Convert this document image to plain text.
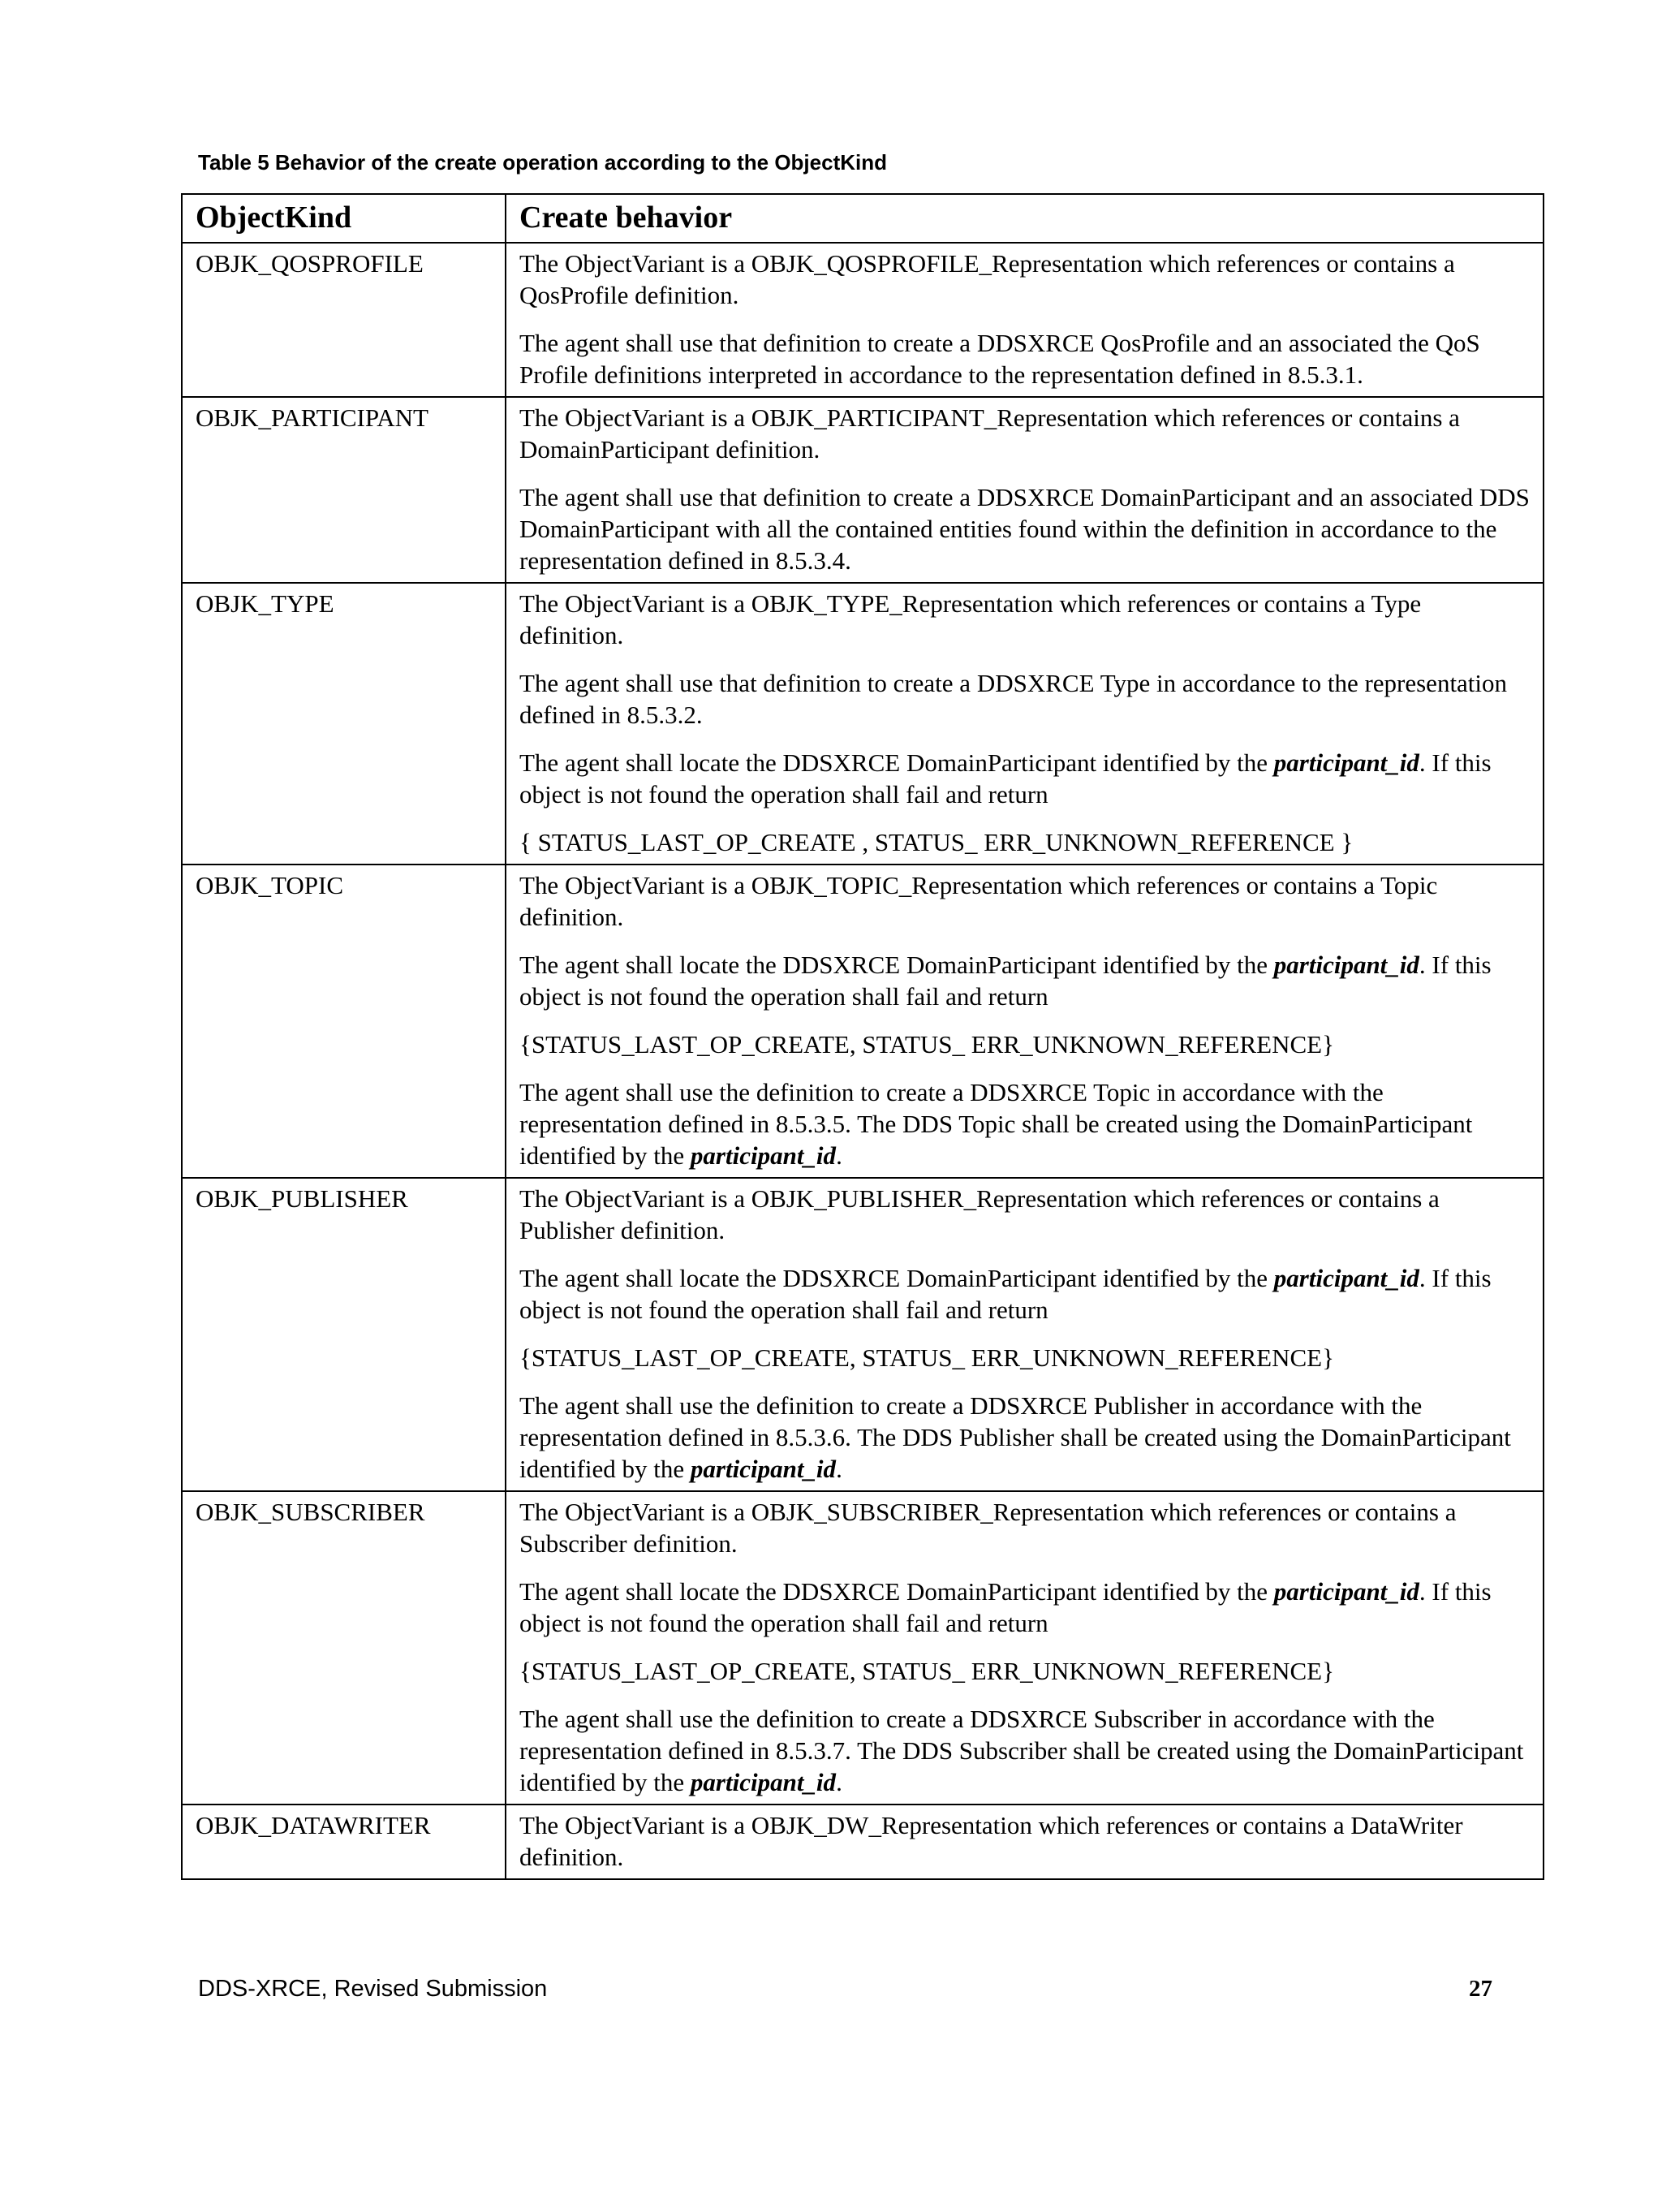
Table 5 Behavior of the create operation according to the ObjectKind
ObjectKind	Create behavior
OBJK_QOSPROFILE	The ObjectVariant is a OBJK_QOSPROFILE_Representation which references or contains a QosProfile definition.

The agent shall use that definition to create a DDSXRCE QosProfile and an associated the QoS Profile definitions interpreted in accordance to the representation defined in 8.5.3.1.

OBJK_PARTICIPANT	The ObjectVariant is a OBJK_PARTICIPANT_Representation which references or contains a DomainParticipant definition.

The agent shall use that definition to create a DDSXRCE DomainParticipant and an associated DDS DomainParticipant with all the contained entities found within the definition in accordance to the representation defined in 8.5.3.4.

OBJK_TYPE	The ObjectVariant is a OBJK_TYPE_Representation which references or contains a Type definition.

The agent shall use that definition to create a DDSXRCE Type in accordance to the representation defined in 8.5.3.2.

The agent shall locate the DDSXRCE DomainParticipant identified by the participant_id. If this object is not found the operation shall fail and return

{ STATUS_LAST_OP_CREATE , STATUS_ ERR_UNKNOWN_REFERENCE }

OBJK_TOPIC	The ObjectVariant is a OBJK_TOPIC_Representation which references or contains a Topic definition.

The agent shall locate the DDSXRCE DomainParticipant identified by the participant_id. If this object is not found the operation shall fail and return

{STATUS_LAST_OP_CREATE, STATUS_ ERR_UNKNOWN_REFERENCE}

The agent shall use the definition to create a DDSXRCE Topic in accordance with the representation defined in 8.5.3.5. The DDS Topic shall be created using the DomainParticipant identified by the participant_id.

OBJK_PUBLISHER	The ObjectVariant is a OBJK_PUBLISHER_Representation which references or contains a Publisher definition.

The agent shall locate the DDSXRCE DomainParticipant identified by the participant_id. If this object is not found the operation shall fail and return

{STATUS_LAST_OP_CREATE, STATUS_ ERR_UNKNOWN_REFERENCE}

The agent shall use the definition to create a DDSXRCE Publisher in accordance with the representation defined in 8.5.3.6. The DDS Publisher shall be created using the DomainParticipant identified by the participant_id.

OBJK_SUBSCRIBER	The ObjectVariant is a OBJK_SUBSCRIBER_Representation which references or contains a Subscriber definition.

The agent shall locate the DDSXRCE DomainParticipant identified by the participant_id. If this object is not found the operation shall fail and return

{STATUS_LAST_OP_CREATE, STATUS_ ERR_UNKNOWN_REFERENCE}

The agent shall use the definition to create a DDSXRCE Subscriber in accordance with the representation defined in 8.5.3.7. The DDS Subscriber shall be created using the DomainParticipant identified by the participant_id.

OBJK_DATAWRITER	The ObjectVariant is a OBJK_DW_Representation which references or contains a DataWriter definition.

DDS-XRCE, Revised Submission	27
